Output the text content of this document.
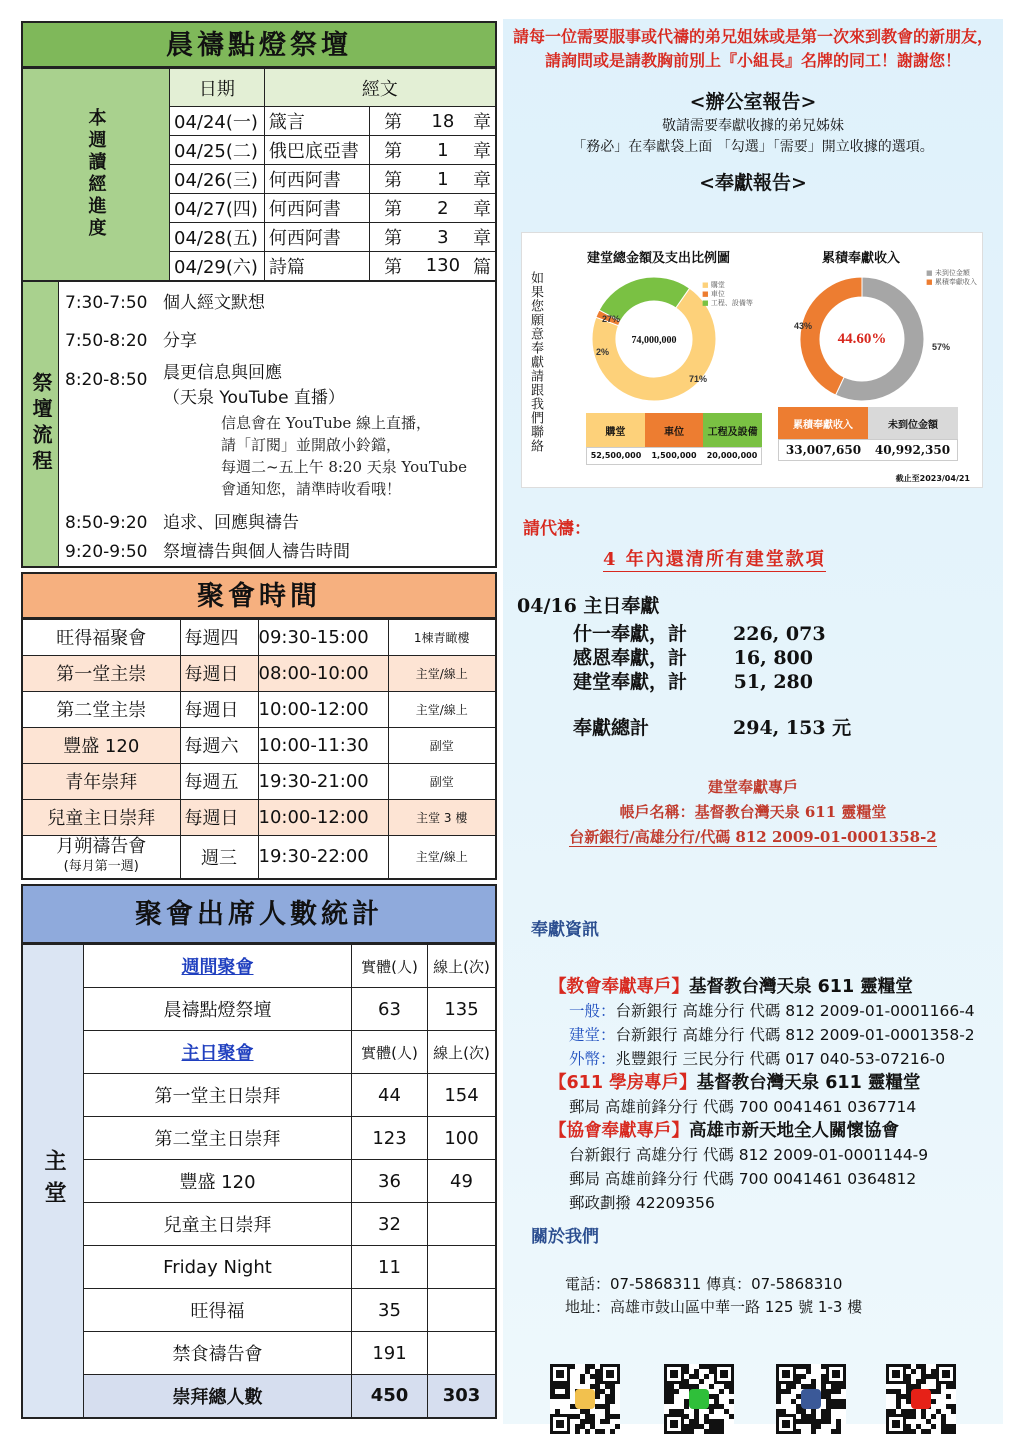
晨禱點燈祭壇
本週讀經進度	日期	經文			
	04/24(一)	箴言	第	18	章
	04/25(二)	俄巴底亞書	第	1	章
	04/26(三)	何西阿書	第	1	章
	04/27(四)	何西阿書	第	2	章
	04/28(五)	何西阿書	第	3	章
	04/29(六)	詩篇	第	130	篇
祭壇流程
7:30-7:50 個人經文默想
7:50-8:20 分享
8:20-8:50 晨更信息與回應
（天泉 YouTube 直播）
信息會在 YouTube 線上直播，
請「訂閱」並開啟小鈴鐺，
每週二~五上午 8:20 天泉 YouTube
會通知您，請準時收看哦！
8:50-9:20 追求、回應與禱告
9:20-9:50 祭壇禱告與個人禱告時間
聚會時間
旺得福聚會	每週四	09:30-15:00	1棟青瞰樓
第一堂主崇	每週日	08:00-10:00	主堂/線上
第二堂主崇	每週日	10:00-12:00	主堂/線上
豐盛 120	每週六	10:00-11:30	副堂
青年崇拜	每週五	19:30-21:00	副堂
兒童主日崇拜	每週日	10:00-12:00	主堂 3 樓
月朔禱告會
(每月第一週)	週三	19:30-22:00	主堂/線上
聚會出席人數統計
主堂	週間聚會	實體(人)	線上(次)
	晨禱點燈祭壇	63	135
	主日聚會	實體(人)	線上(次)
	第一堂主日崇拜	44	154
	第二堂主日崇拜	123	100
	豐盛 120	36	49
	兒童主日崇拜	32	
	Friday Night	11	
	旺得福	35	
	禁食禱告會	191	
	崇拜總人數	450	303
請每一位需要服事或代禱的弟兄姐妹或是第一次來到教會的新朋友，請詢問或是請教胸前別上『小組長』名牌的同工！謝謝您！
<辦公室報告>
敬請需要奉獻收據的弟兄姊妹
「務必」在奉獻袋上面 「勾選」「需要」開立收據的選項。
<奉獻報告>
如果您願意奉獻請跟我們聯絡
建堂總金額及支出比例圖	累積奉獻收入
71%
2%
27%
74,000,000
57%
43%
44.60%
■ 購堂
■ 車位
■ 工程、設備等
■ 未到位金額
■ 累積奉獻收入
購堂	車位	工程及設備
52,500,000	1,500,000	20,000,000
累積奉獻收入	未到位金額
33,007,650	40,992,350
截止至2023/04/21
請代禱：
4 年內還清所有建堂款項
04/16 主日奉獻
什一奉獻，計 226, 073
感恩奉獻，計 16, 800
建堂奉獻，計 51, 280
奉獻總計	294, 153 元
建堂奉獻專戶
帳戶名稱：基督教台灣天泉 611 靈糧堂
台新銀行/高雄分行/代碼 812 2009-01-0001358-2
奉獻資訊
【教會奉獻專戶】基督教台灣天泉 611 靈糧堂
一般：台新銀行 高雄分行 代碼 812 2009-01-0001166-4
建堂：台新銀行 高雄分行 代碼 812 2009-01-0001358-2
外幣：兆豐銀行 三民分行 代碼 017 040-53-07216-0
【611 學房專戶】基督教台灣天泉 611 靈糧堂
郵局 高雄前鋒分行 代碼 700 0041461 0367714
【協會奉獻專戶】高雄市新天地全人關懷協會
台新銀行 高雄分行 代碼 812 2009-01-0001144-9
郵局 高雄前鋒分行 代碼 700 0041461 0364812
郵政劃撥 42209356
關於我們
電話：07-5868311 傳真：07-5868310
地址：高雄市鼓山區中華一路 125 號 1-3 樓
